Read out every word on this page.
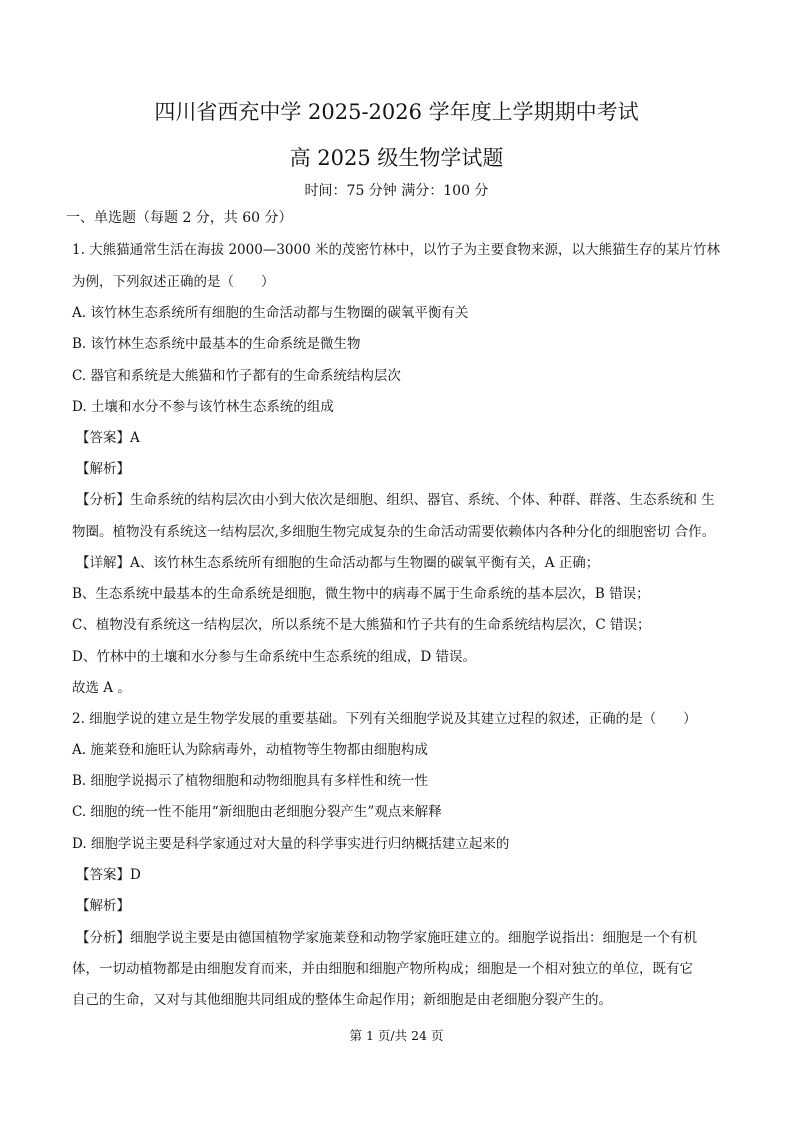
四川省西充中学 2025-2026 学年度上学期期中考试
高 2025 级生物学试题
时间：75 分钟 满分：100 分
一、单选题（每题 2 分，共 60 分）
1. 大熊猫通常生活在海拔 2000—3000 米的茂密竹林中，以竹子为主要食物来源，以大熊猫生存的某片竹林
为例，下列叙述正确的是（　　）
A. 该竹林生态系统所有细胞的生命活动都与生物圈的碳氧平衡有关
B. 该竹林生态系统中最基本的生命系统是微生物
C. 器官和系统是大熊猫和竹子都有的生命系统结构层次
D. 土壤和水分不参与该竹林生态系统的组成
【答案】A
【解析】
【分析】生命系统的结构层次由小到大依次是细胞、组织、器官、系统、个体、种群、群落、生态系统和 生
物圈。植物没有系统这一结构层次,多细胞生物完成复杂的生命活动需要依赖体内各种分化的细胞密切 合作。
【详解】A、该竹林生态系统所有细胞的生命活动都与生物圈的碳氧平衡有关，A 正确；
B、生态系统中最基本的生命系统是细胞，微生物中的病毒不属于生命系统的基本层次，B 错误；
C、植物没有系统这一结构层次，所以系统不是大熊猫和竹子共有的生命系统结构层次，C 错误；
D、竹林中的土壤和水分参与生命系统中生态系统的组成，D 错误。
故选 A 。
2. 细胞学说的建立是生物学发展的重要基础。下列有关细胞学说及其建立过程的叙述，正确的是（　　）
A. 施莱登和施旺认为除病毒外，动植物等生物都由细胞构成
B. 细胞学说揭示了植物细胞和动物细胞具有多样性和统一性
C. 细胞的统一性不能用“新细胞由老细胞分裂产生”观点来解释
D. 细胞学说主要是科学家通过对大量的科学事实进行归纳概括建立起来的
【答案】D
【解析】
【分析】细胞学说主要是由德国植物学家施莱登和动物学家施旺建立的。细胞学说指出：细胞是一个有机
体，一切动植物都是由细胞发育而来，并由细胞和细胞产物所构成；细胞是一个相对独立的单位，既有它
自己的生命，又对与其他细胞共同组成的整体生命起作用；新细胞是由老细胞分裂产生的。
第 1 页/共 24 页
